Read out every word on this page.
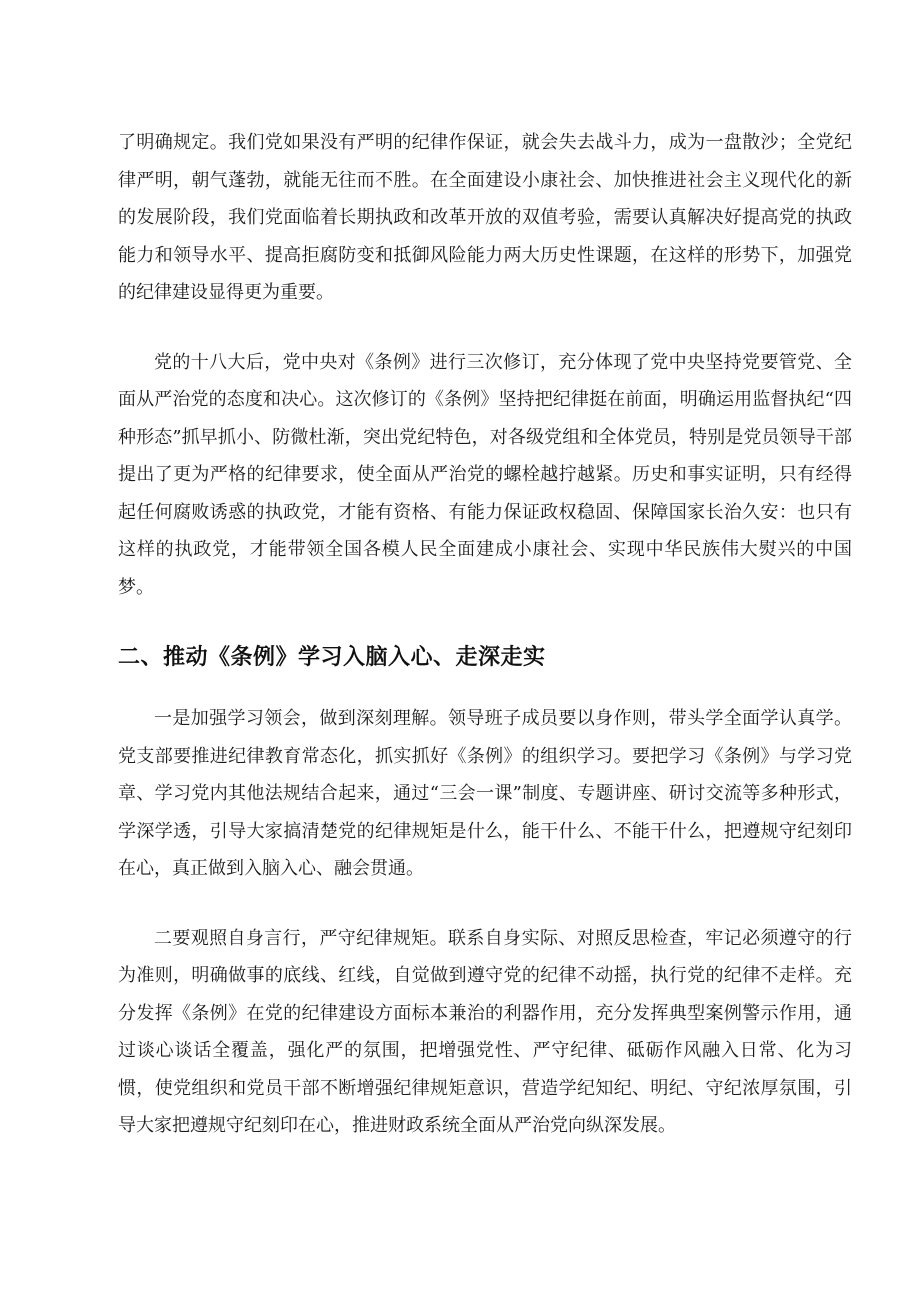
了明确规定。我们党如果没有严明的纪律作保证，就会失去战斗力，成为一盘散沙；全党纪律严明，朝气蓬勃，就能无往而不胜。在全面建设小康社会、加快推进社会主义现代化的新的发展阶段，我们党面临着长期执政和改革开放的双值考验，需要认真解决好提高党的执政能力和领导水平、提高拒腐防变和抵御风险能力两大历史性课题，在这样的形势下，加强党的纪律建设显得更为重要。

党的十八大后，党中央对《条例》进行三次修订，充分体现了党中央坚持党要管党、全面从严治党的态度和决心。这次修订的《条例》坚持把纪律挺在前面，明确运用监督执纪“四种形态”抓早抓小、防微杜渐，突出党纪特色，对各级党组和全体党员，特别是党员领导干部提出了更为严格的纪律要求，使全面从严治党的螺栓越拧越紧。历史和事实证明，只有经得起任何腐败诱惑的执政党，才能有资格、有能力保证政权稳固、保障国家长治久安：也只有这样的执政党，才能带领全国各模人民全面建成小康社会、实现中华民族伟大熨兴的中国梦。

二、推动《条例》学习入脑入心、走深走实

一是加强学习领会，做到深刻理解。领导班子成员要以身作则，带头学全面学认真学。党支部要推进纪律教育常态化，抓实抓好《条例》的组织学习。要把学习《条例》与学习党章、学习党内其他法规结合起来，通过“三会一课”制度、专题讲座、研讨交流等多种形式，学深学透，引导大家搞清楚党的纪律规矩是什么，能干什么、不能干什么，把遵规守纪刻印在心，真正做到入脑入心、融会贯通。

二要观照自身言行，严守纪律规矩。联系自身实际、对照反思检查，牢记必须遵守的行为准则，明确做事的底线、红线，自觉做到遵守党的纪律不动摇，执行党的纪律不走样。充分发挥《条例》在党的纪律建设方面标本兼治的利器作用，充分发挥典型案例警示作用，通过谈心谈话全覆盖，强化严的氛围，把增强党性、严守纪律、砥砺作风融入日常、化为习惯，使党组织和党员干部不断增强纪律规矩意识，营造学纪知纪、明纪、守纪浓厚氛围，引导大家把遵规守纪刻印在心，推进财政系统全面从严治党向纵深发展。
